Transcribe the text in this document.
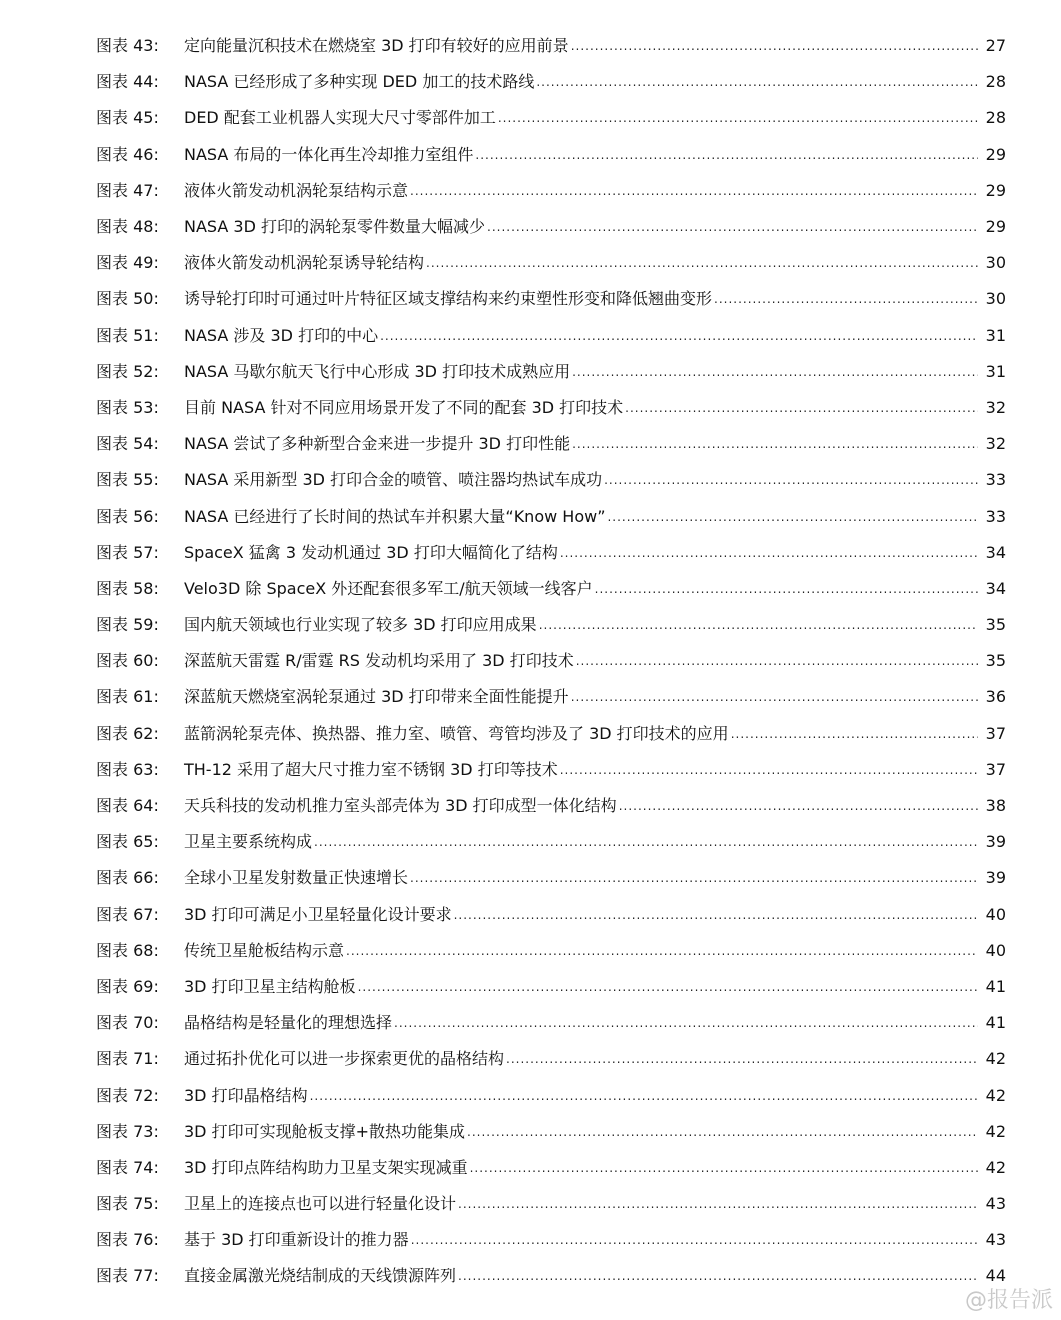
图表 43:	定向能量沉积技术在燃烧室 3D 打印有较好的应用前景 .....	27
图表 44:	NASA 已经形成了多种实现 DED 加工的技术路线 .....	28
图表 45:	DED 配套工业机器人实现大尺寸零部件加工 .....	28
图表 46:	NASA 布局的一体化再生冷却推力室组件 .....	29
图表 47:	液体火箭发动机涡轮泵结构示意 .....	29
图表 48:	NASA 3D 打印的涡轮泵零件数量大幅减少 .....	29
图表 49:	液体火箭发动机涡轮泵诱导轮结构 .....	30
图表 50:	诱导轮打印时可通过叶片特征区域支撑结构来约束塑性形变和降低翘曲变形 .....	30
图表 51:	NASA 涉及 3D 打印的中心 .....	31
图表 52:	NASA 马歇尔航天飞行中心形成 3D 打印技术成熟应用 .....	31
图表 53:	目前 NASA 针对不同应用场景开发了不同的配套 3D 打印技术 .....	32
图表 54:	NASA 尝试了多种新型合金来进一步提升 3D 打印性能 .....	32
图表 55:	NASA 采用新型 3D 打印合金的喷管、喷注器均热试车成功 .....	33
图表 56:	NASA 已经进行了长时间的热试车并积累大量“Know How” .....	33
图表 57:	SpaceX 猛禽 3 发动机通过 3D 打印大幅简化了结构 .....	34
图表 58:	Velo3D 除 SpaceX 外还配套很多军工/航天领域一线客户 .....	34
图表 59:	国内航天领域也行业实现了较多 3D 打印应用成果 .....	35
图表 60:	深蓝航天雷霆 R/雷霆 RS 发动机均采用了 3D 打印技术 .....	35
图表 61:	深蓝航天燃烧室涡轮泵通过 3D 打印带来全面性能提升 .....	36
图表 62:	蓝箭涡轮泵壳体、换热器、推力室、喷管、弯管均涉及了 3D 打印技术的应用 .....	37
图表 63:	TH-12 采用了超大尺寸推力室不锈钢 3D 打印等技术 .....	37
图表 64:	天兵科技的发动机推力室头部壳体为 3D 打印成型一体化结构 .....	38
图表 65:	卫星主要系统构成 .....	39
图表 66:	全球小卫星发射数量正快速增长 .....	39
图表 67:	3D 打印可满足小卫星轻量化设计要求 .....	40
图表 68:	传统卫星舱板结构示意 .....	40
图表 69:	3D 打印卫星主结构舱板 .....	41
图表 70:	晶格结构是轻量化的理想选择 .....	41
图表 71:	通过拓扑优化可以进一步探索更优的晶格结构 .....	42
图表 72:	3D 打印晶格结构 .....	42
图表 73:	3D 打印可实现舱板支撑+散热功能集成 .....	42
图表 74:	3D 打印点阵结构助力卫星支架实现减重 .....	42
图表 75:	卫星上的连接点也可以进行轻量化设计 .....	43
图表 76:	基于 3D 打印重新设计的推力器 .....	43
图表 77:	直接金属激光烧结制成的天线馈源阵列 .....	44
@报告派
